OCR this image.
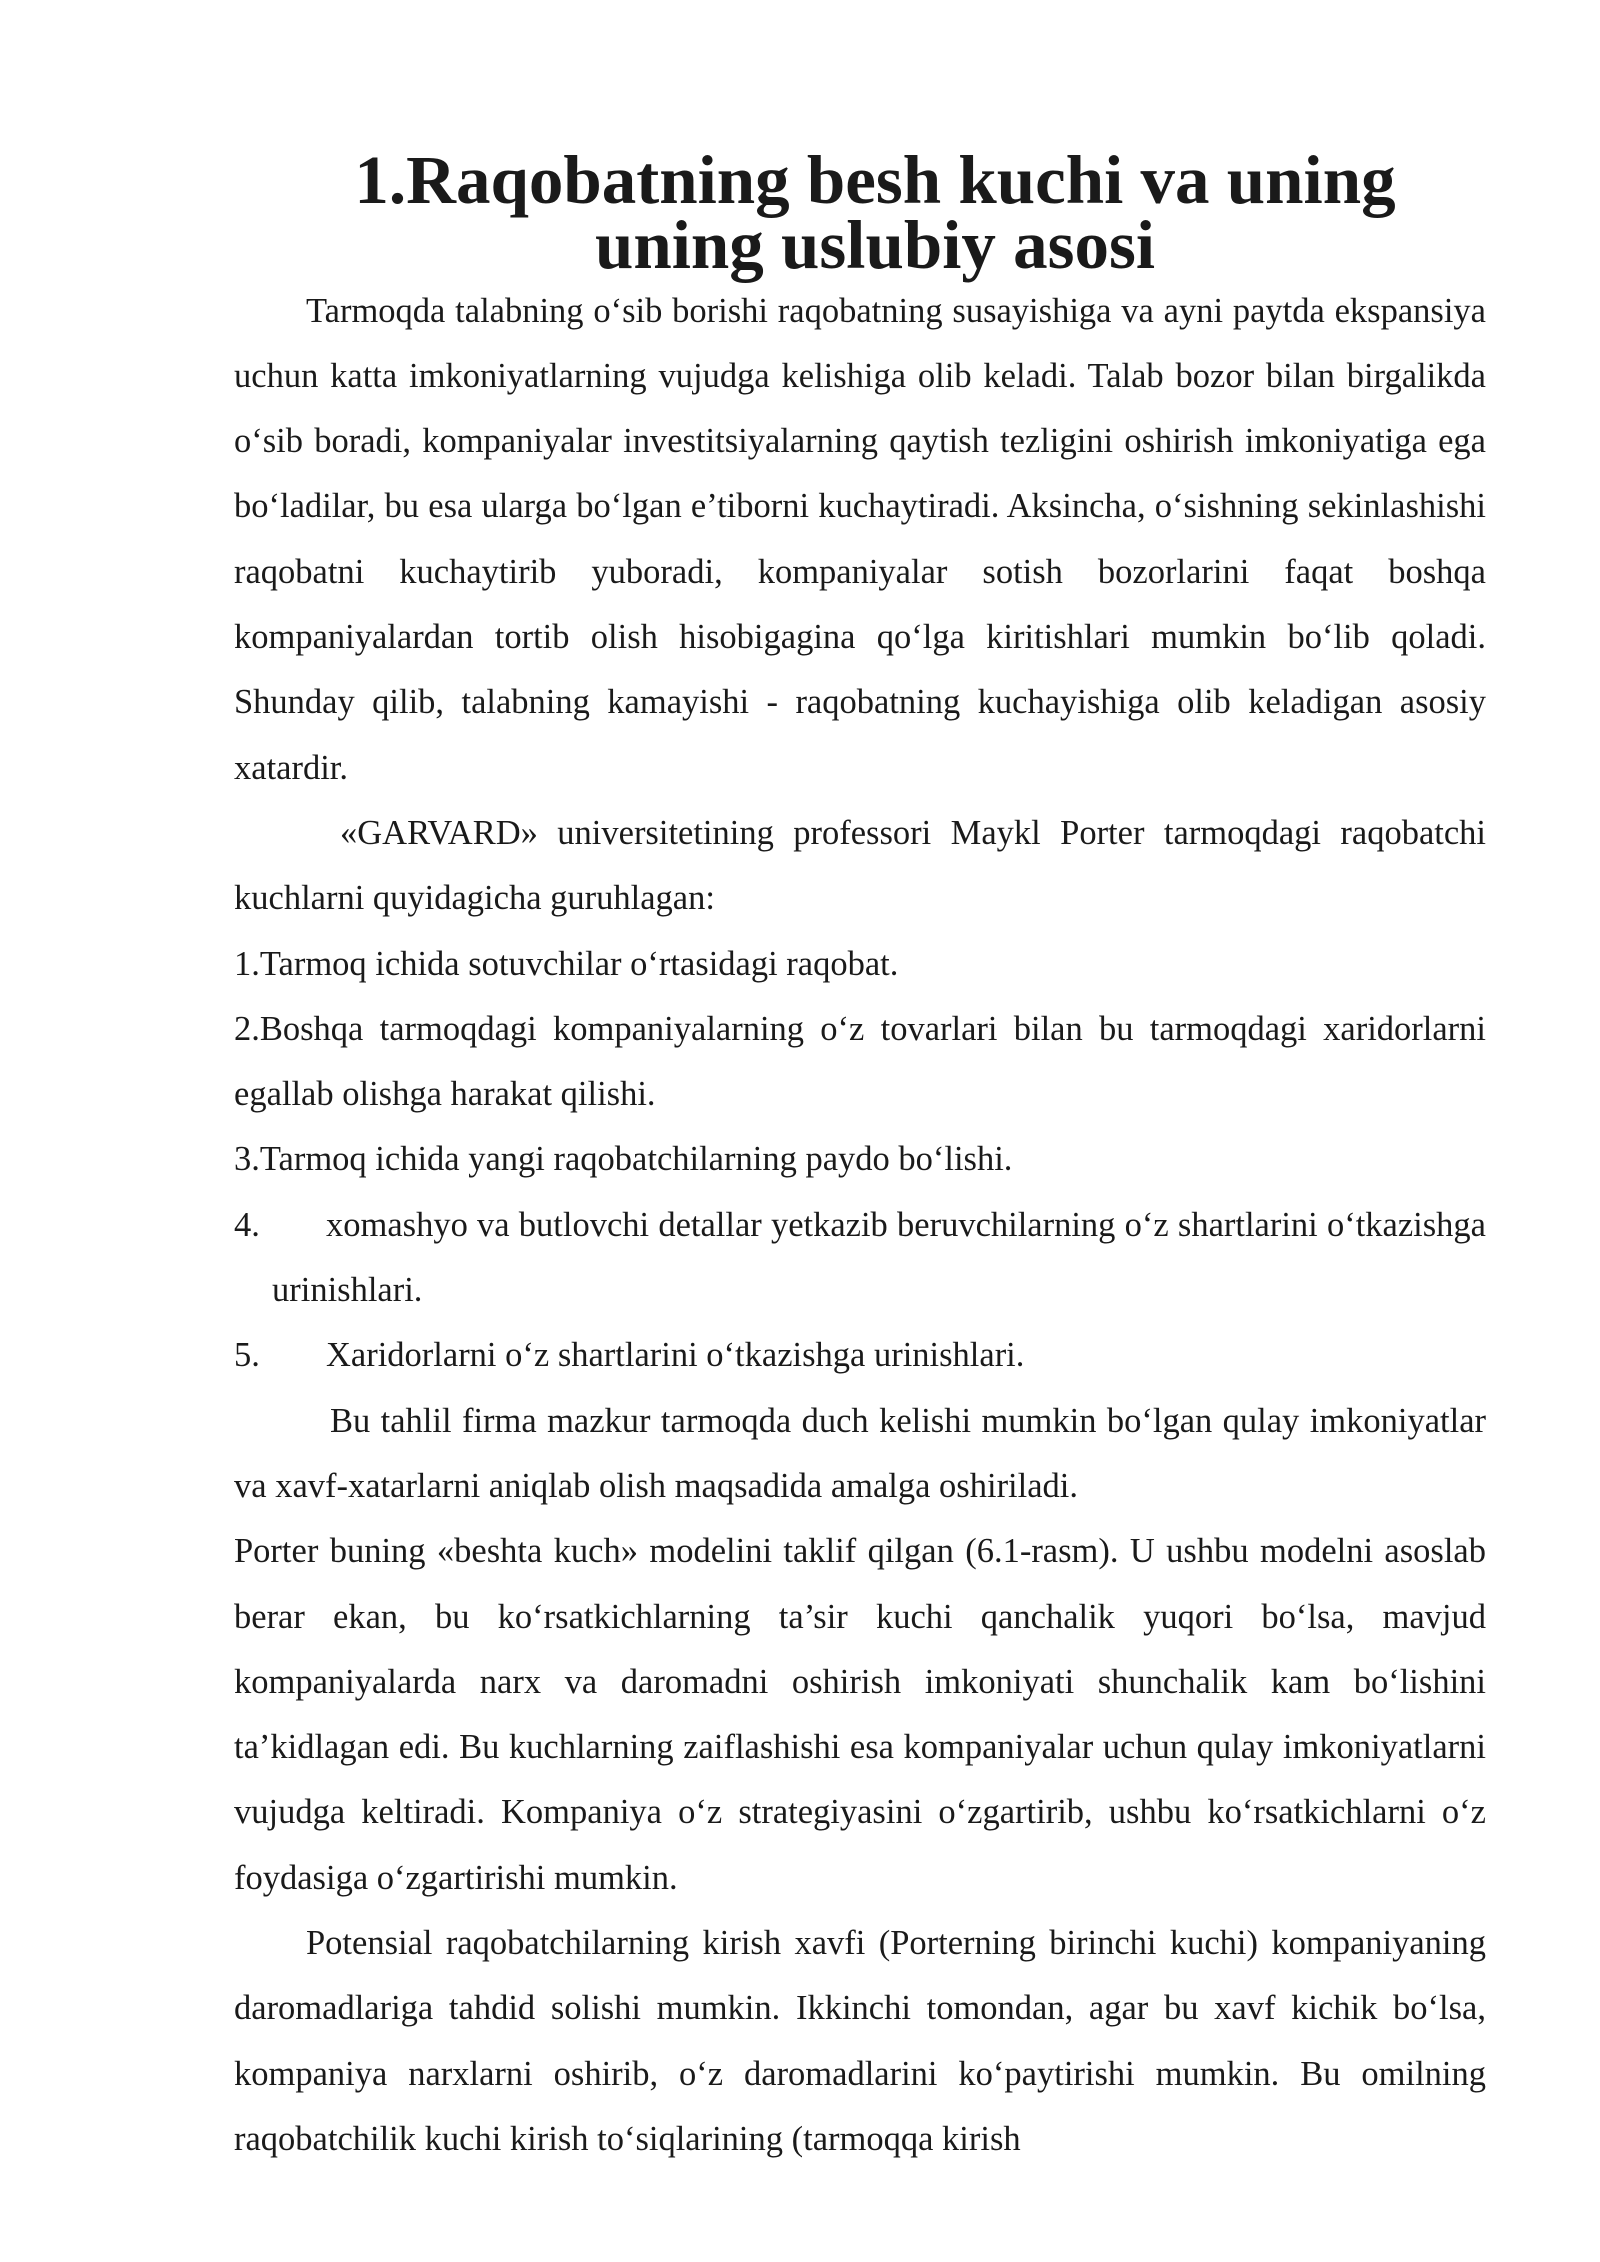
1.Raqobatning besh kuchi va uning uning uslubiy asosi

Tarmoqda talabning o‘sib borishi raqobatning susayishiga va ayni paytda ekspansiya uchun katta imkoniyatlarning vujudga kelishiga olib keladi. Talab bozor bilan birgalikda o‘sib boradi, kompaniyalar investitsiyalarning qaytish tezligini oshirish imkoniyatiga ega bo‘ladilar, bu esa ularga bo‘lgan e’tiborni kuchaytiradi. Aksincha, o‘sishning sekinlashishi raqobatni kuchaytirib yuboradi, kompaniyalar sotish bozorlarini faqat boshqa kompaniyalardan tortib olish hisobigagina qo‘lga kiritishlari mumkin bo‘lib qoladi. Shunday qilib, talabning kamayishi - raqobatning kuchayishiga olib keladigan asosiy xatardir.

«GARVARD» universitetining professori Maykl Porter tarmoqdagi raqobatchi kuchlarni quyidagicha guruhlagan:

1.Tarmoq ichida sotuvchilar o‘rtasidagi raqobat.

2.Boshqa tarmoqdagi kompaniyalarning o‘z tovarlari bilan bu tarmoqdagi xaridorlarni egallab olishga harakat qilishi.

3.Tarmoq ichida yangi raqobatchilarning paydo bo‘lishi.

4. xomashyo va butlovchi detallar yetkazib beruvchilarning o‘z shartlarini o‘tkazishga urinishlari.

5. Xaridorlarni o‘z shartlarini o‘tkazishga urinishlari.

Bu tahlil firma mazkur tarmoqda duch kelishi mumkin bo‘lgan qulay imkoniyatlar va xavf-xatarlarni aniqlab olish maqsadida amalga oshiriladi.

Porter buning «beshta kuch» modelini taklif qilgan (6.1-rasm). U ushbu modelni asoslab berar ekan, bu ko‘rsatkichlarning ta’sir kuchi qanchalik yuqori bo‘lsa, mavjud kompaniyalarda narx va daromadni oshirish imkoniyati shunchalik kam bo‘lishini ta’kidlagan edi. Bu kuchlarning zaiflashishi esa kompaniyalar uchun qulay imkoniyatlarni vujudga keltiradi. Kompaniya o‘z strategiyasini o‘zgartirib, ushbu ko‘rsatkichlarni o‘z foydasiga o‘zgartirishi mumkin.

Potensial raqobatchilarning kirish xavfi (Porterning birinchi kuchi) kompaniyaning daromadlariga tahdid solishi mumkin. Ikkinchi tomondan, agar bu xavf kichik bo‘lsa, kompaniya narxlarni oshirib, o‘z daromadlarini ko‘paytirishi mumkin. Bu omilning raqobatchilik kuchi kirish to‘siqlarining (tarmoqqa kirish
